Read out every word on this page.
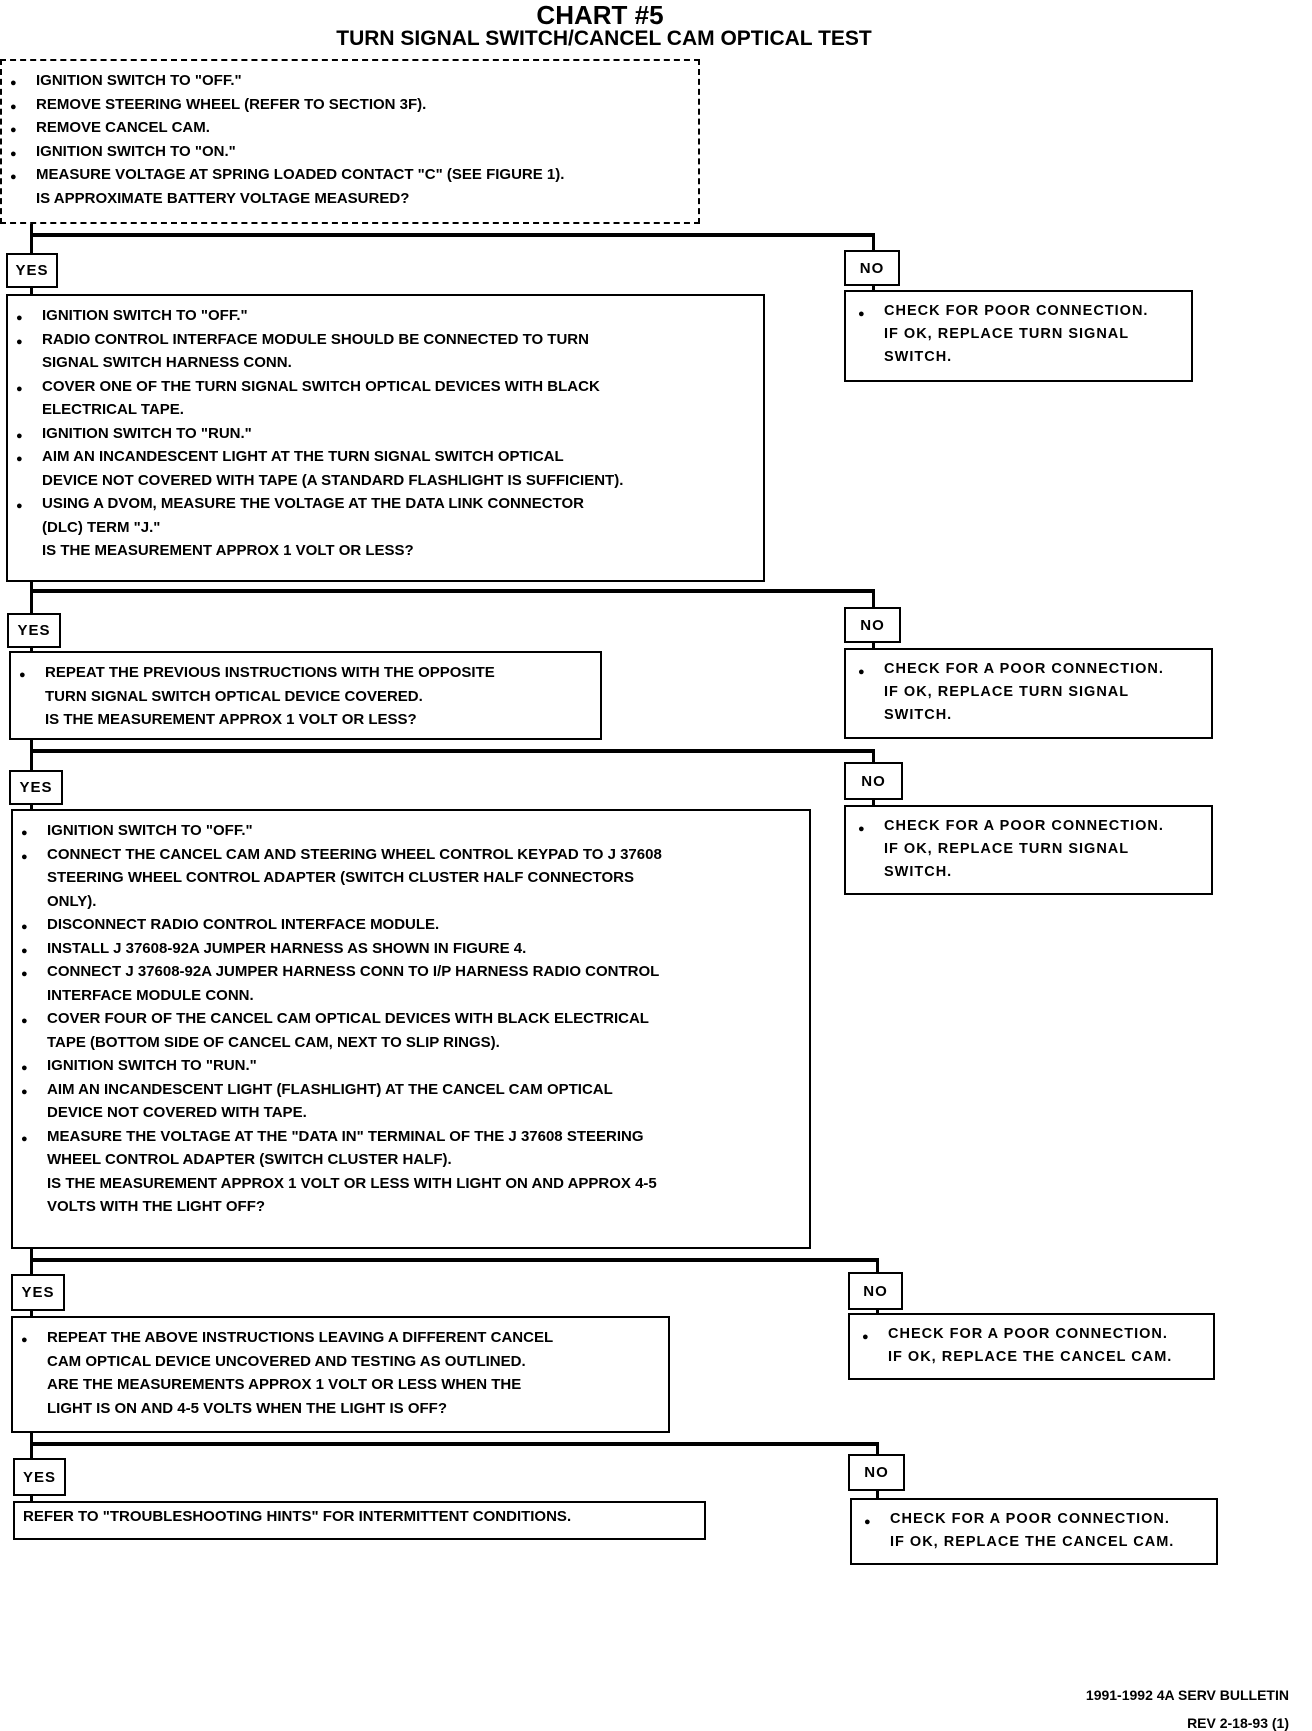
CHART #5
TURN SIGNAL SWITCH/CANCEL CAM OPTICAL TEST
● IGNITION SWITCH TO "OFF."
● REMOVE STEERING WHEEL (REFER TO SECTION 3F).
● REMOVE CANCEL CAM.
● IGNITION SWITCH TO "ON."
● MEASURE VOLTAGE AT SPRING LOADED CONTACT "C" (SEE FIGURE 1).
IS APPROXIMATE BATTERY VOLTAGE MEASURED?
● IGNITION SWITCH TO "OFF."
● RADIO CONTROL INTERFACE MODULE SHOULD BE CONNECTED TO TURN
SIGNAL SWITCH HARNESS CONN.
● COVER ONE OF THE TURN SIGNAL SWITCH OPTICAL DEVICES WITH BLACK
ELECTRICAL TAPE.
● IGNITION SWITCH TO "RUN."
● AIM AN INCANDESCENT LIGHT AT THE TURN SIGNAL SWITCH OPTICAL
DEVICE NOT COVERED WITH TAPE (A STANDARD FLASHLIGHT IS SUFFICIENT).
● USING A DVOM, MEASURE THE VOLTAGE AT THE DATA LINK CONNECTOR
(DLC) TERM "J."
IS THE MEASUREMENT APPROX 1 VOLT OR LESS?
● REPEAT THE PREVIOUS INSTRUCTIONS WITH THE OPPOSITE
TURN SIGNAL SWITCH OPTICAL DEVICE COVERED.
IS THE MEASUREMENT APPROX 1 VOLT OR LESS?
● IGNITION SWITCH TO "OFF."
● CONNECT THE CANCEL CAM AND STEERING WHEEL CONTROL KEYPAD TO J 37608
STEERING WHEEL CONTROL ADAPTER (SWITCH CLUSTER HALF CONNECTORS
ONLY).
● DISCONNECT RADIO CONTROL INTERFACE MODULE.
● INSTALL J 37608-92A JUMPER HARNESS AS SHOWN IN FIGURE 4.
● CONNECT J 37608-92A JUMPER HARNESS CONN TO I/P HARNESS RADIO CONTROL
INTERFACE MODULE CONN.
● COVER FOUR OF THE CANCEL CAM OPTICAL DEVICES WITH BLACK ELECTRICAL
TAPE (BOTTOM SIDE OF CANCEL CAM, NEXT TO SLIP RINGS).
● IGNITION SWITCH TO "RUN."
● AIM AN INCANDESCENT LIGHT (FLASHLIGHT) AT THE CANCEL CAM OPTICAL
DEVICE NOT COVERED WITH TAPE.
● MEASURE THE VOLTAGE AT THE "DATA IN" TERMINAL OF THE J 37608 STEERING
WHEEL CONTROL ADAPTER (SWITCH CLUSTER HALF).
IS THE MEASUREMENT APPROX 1 VOLT OR LESS WITH LIGHT ON AND APPROX 4-5
VOLTS WITH THE LIGHT OFF?
● REPEAT THE ABOVE INSTRUCTIONS LEAVING A DIFFERENT CANCEL
CAM OPTICAL DEVICE UNCOVERED AND TESTING AS OUTLINED.
ARE THE MEASUREMENTS APPROX 1 VOLT OR LESS WHEN THE
LIGHT IS ON AND 4-5 VOLTS WHEN THE LIGHT IS OFF?
REFER TO "TROUBLESHOOTING HINTS" FOR INTERMITTENT CONDITIONS.
● CHECK FOR POOR CONNECTION.
IF OK, REPLACE TURN SIGNAL
SWITCH.
● CHECK FOR A POOR CONNECTION.
IF OK, REPLACE TURN SIGNAL
SWITCH.
● CHECK FOR A POOR CONNECTION.
IF OK, REPLACE TURN SIGNAL
SWITCH.
● CHECK FOR A POOR CONNECTION.
IF OK, REPLACE THE CANCEL CAM.
● CHECK FOR A POOR CONNECTION.
IF OK, REPLACE THE CANCEL CAM.
YES
YES
YES
YES
YES
NO
NO
NO
NO
NO
1991-1992 4A SERV BULLETIN
REV 2-18-93 (1)
